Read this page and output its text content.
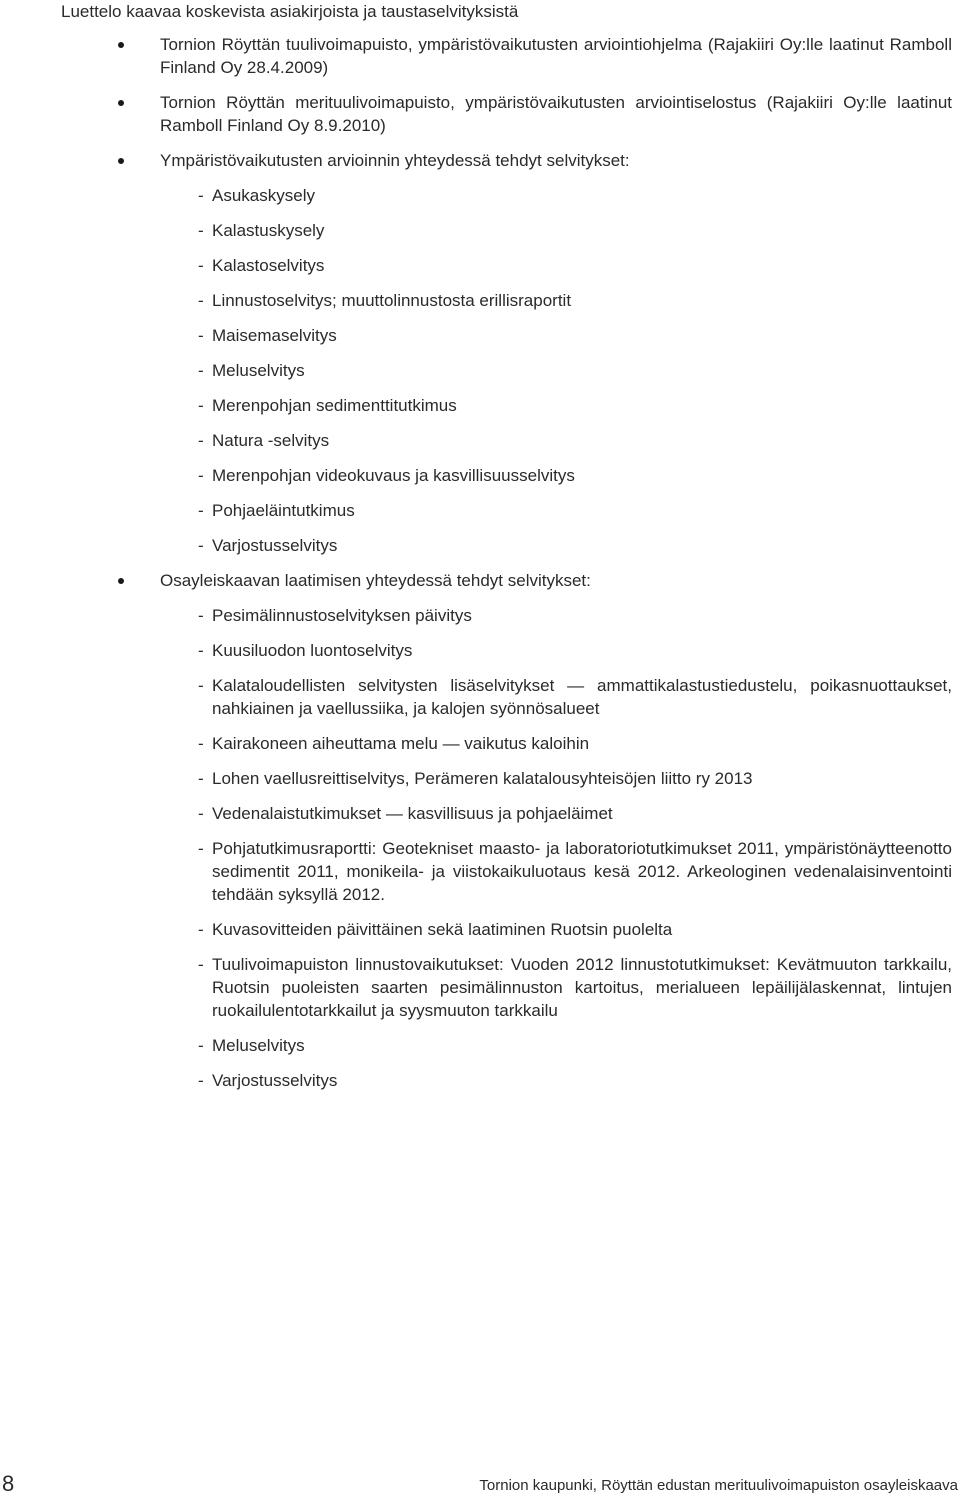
Luettelo kaavaa koskevista asiakirjoista ja taustaselvityksistä
Tornion Röyttän tuulivoimapuisto, ympäristövaikutusten arviointiohjelma (Rajakiiri Oy:lle laatinut Ramboll Finland Oy 28.4.2009)
Tornion Röyttän merituulivoimapuisto, ympäristövaikutusten arviointiselostus (Rajakiiri Oy:lle laatinut Ramboll Finland Oy 8.9.2010)
Ympäristövaikutusten arvioinnin yhteydessä tehdyt selvitykset:
- Asukaskysely
- Kalastuskysely
- Kalastoselvitys
- Linnustoselvitys; muuttolinnustosta erillisraportit
- Maisemaselvitys
- Meluselvitys
- Merenpohjan sedimenttitutkimus
- Natura -selvitys
- Merenpohjan videokuvaus ja kasvillisuusselvitys
- Pohjaeläintutkimus
- Varjostusselvitys
Osayleiskaavan laatimisen yhteydessä tehdyt selvitykset:
- Pesimälinnustoselvityksen päivitys
- Kuusiluodon luontoselvitys
- Kalataloudellisten selvitysten lisäselvitykset — ammattikalastustiedustelu, poikasnuottaukset, nahkiainen ja vaellussiika, ja kalojen syönnösalueet
- Kairakoneen aiheuttama melu — vaikutus kaloihin
- Lohen vaellusreittiselvitys, Perämeren kalatalousyhteisöjen liitto ry 2013
- Vedenalaistutkimukset — kasvillisuus ja pohjaeläimet
- Pohjatutkimusraportti: Geotekniset maasto- ja laboratoriotutkimukset 2011, ympäristönäytteenotto sedimentit 2011, monikeila- ja viistokaikuluotaus kesä 2012. Arkeologinen vedenalaisinventointi tehdään syksyllä 2012.
- Kuvasovitteiden päivittäinen sekä laatiminen Ruotsin puolelta
- Tuulivoimapuiston linnustovaikutukset: Vuoden 2012 linnustotutkimukset: Kevätmuuton tarkkailu, Ruotsin puoleisten saarten pesimälinnuston kartoitus, merialueen lepäilijälaskennat, lintujen ruokailulentotarkkailut ja syysmuuton tarkkailu
- Meluselvitys
- Varjostusselvitys
8	Tornion kaupunki, Röyttän edustan merituulivoimapuiston osayleiskaava
